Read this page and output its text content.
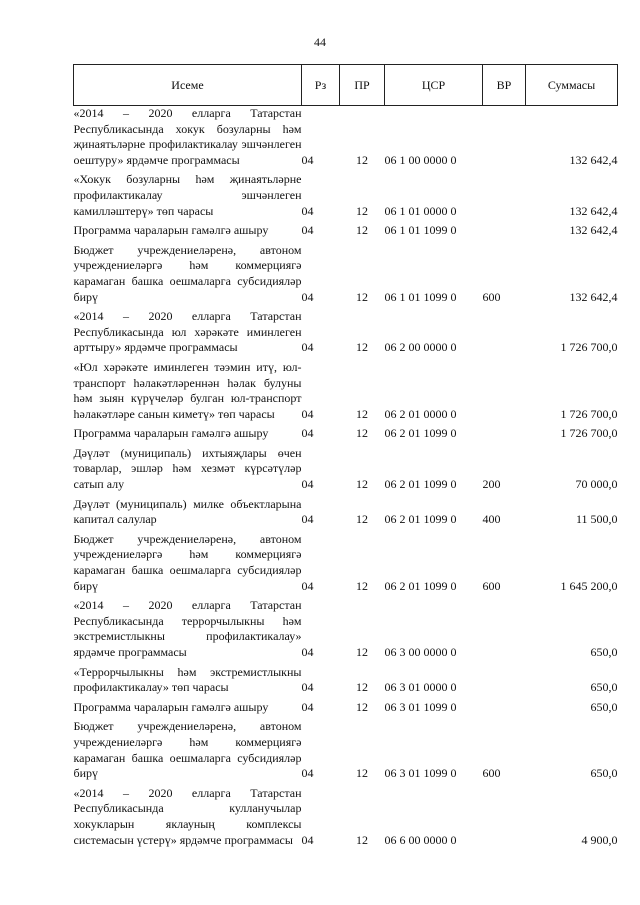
44
Исеме	Рз	ПР	ЦСР	ВР	Суммасы
«2014 – 2020 елларга Татарстан Республикасында хокук бозуларны һәм җинаятьләрне профилактикалау эшчәнлеген оештуру» ярдәмче программасы	04	12	06 1 00 0000 0		132 642,4
«Хокук бозуларны һәм җинаятьләрне профилактикалау эшчәнлеген камилләштерү» төп чарасы	04	12	06 1 01 0000 0		132 642,4
Программа чараларын гамәлгә ашыру	04	12	06 1 01 1099 0		132 642,4
Бюджет учреждениеләренә, автоном учреждениеләргә һәм коммерциягә карамаган башка оешмаларга субсидияләр бирү	04	12	06 1 01 1099 0	600	132 642,4
«2014 – 2020 елларга Татарстан Республикасында юл хәрәкәте иминлеген арттыру» ярдәмче программасы	04	12	06 2 00 0000 0		1 726 700,0
«Юл хәрәкәте иминлеген тәэмин итү, юл-транспорт һәлакәтләреннән һәлак булуны һәм зыян күрүчеләр булган юл-транспорт һәлакәтләре санын киметү» төп чарасы	04	12	06 2 01 0000 0		1 726 700,0
Программа чараларын гамәлгә ашыру	04	12	06 2 01 1099 0		1 726 700,0
Дәүләт (муниципаль) ихтыяҗлары өчен товарлар, эшләр һәм хезмәт күрсәтүләр сатып алу	04	12	06 2 01 1099 0	200	70 000,0
Дәүләт (муниципаль) милке объектларына капитал салулар	04	12	06 2 01 1099 0	400	11 500,0
Бюджет учреждениеләренә, автоном учреждениеләргә һәм коммерциягә карамаган башка оешмаларга субсидияләр бирү	04	12	06 2 01 1099 0	600	1 645 200,0
«2014 – 2020 елларга Татарстан Республикасында террорчылыкны һәм экстремистлыкны профилактикалау» ярдәмче программасы	04	12	06 3 00 0000 0		650,0
«Террорчылыкны һәм экстремистлыкны профилактикалау» төп чарасы	04	12	06 3 01 0000 0		650,0
Программа чараларын гамәлгә ашыру	04	12	06 3 01 1099 0		650,0
Бюджет учреждениеләренә, автоном учреждениеләргә һәм коммерциягә карамаган башка оешмаларга субсидияләр бирү	04	12	06 3 01 1099 0	600	650,0
«2014 – 2020 елларга Татарстан Республикасында кулланучылар хокукларын яклауның комплексы системасын үстерү» ярдәмче программасы	04	12	06 6 00 0000 0		4 900,0
